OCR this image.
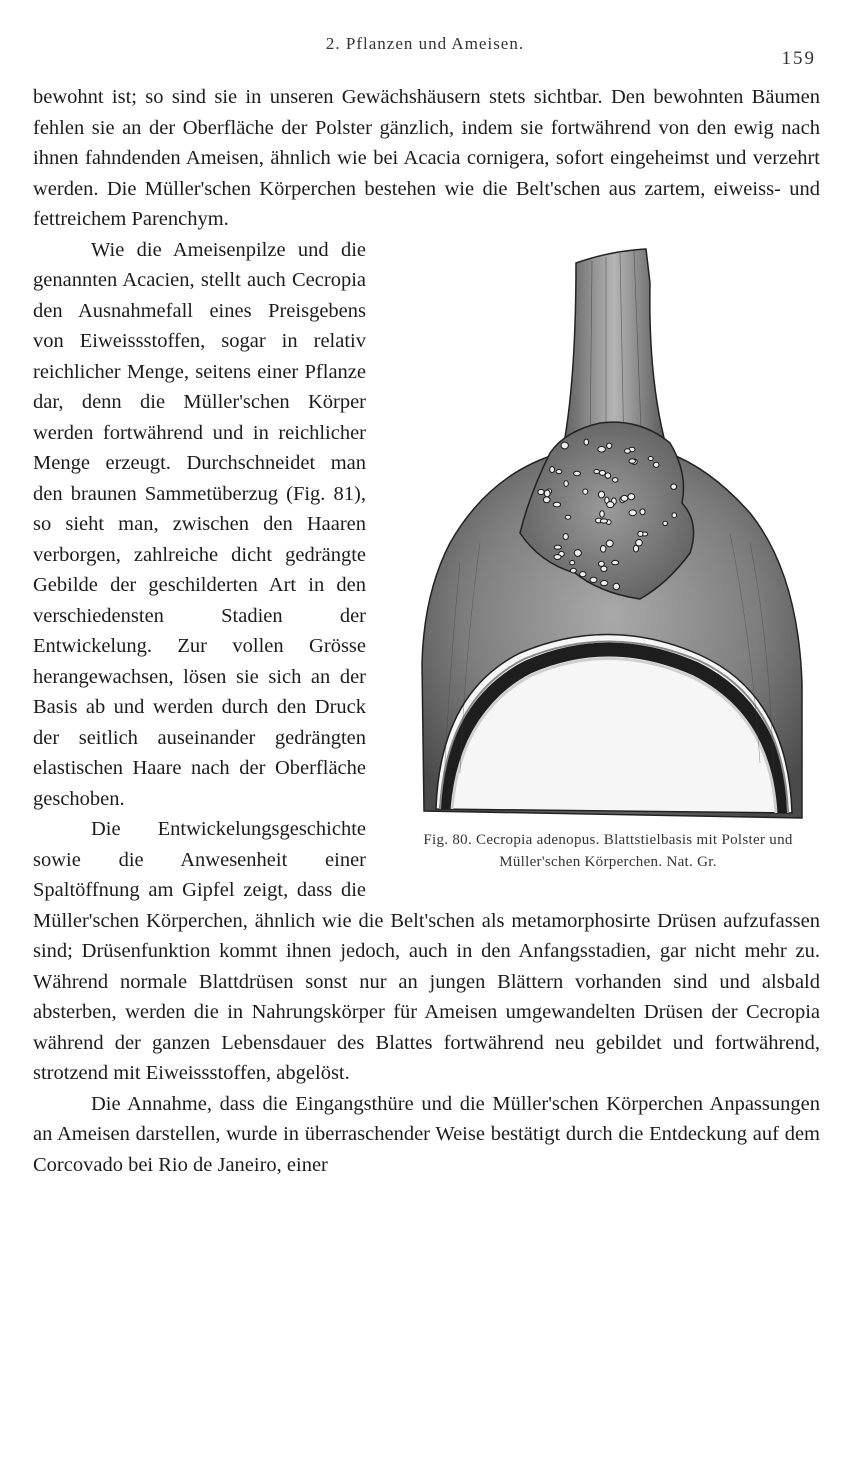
2. Pflanzen und Ameisen.
159

bewohnt ist; so sind sie in unseren Gewächshäusern stets sichtbar. Den bewohnten Bäumen fehlen sie an der Oberfläche der Polster gänzlich, indem sie fortwährend von den ewig nach ihnen fahndenden Ameisen, ähnlich wie bei Acacia cornigera, sofort eingeheimst und verzehrt werden. Die Müller'schen Körperchen bestehen wie die Belt'schen aus zartem, eiweiss- und fettreichem Parenchym.

Fig. 80. Cecropia adenopus. Blattstielbasis mit Polster und Müller'schen Körperchen. Nat. Gr.

Wie die Ameisenpilze und die genannten Acacien, stellt auch Cecropia den Ausnahmefall eines Preisgebens von Eiweissstoffen, sogar in relativ reichlicher Menge, seitens einer Pflanze dar, denn die Müller'schen Körper werden fortwährend und in reichlicher Menge erzeugt. Durchschneidet man den braunen Sammetüberzug (Fig. 81), so sieht man, zwischen den Haaren verborgen, zahlreiche dicht gedrängte Gebilde der geschilderten Art in den verschiedensten Stadien der Entwickelung. Zur vollen Grösse herangewachsen, lösen sie sich an der Basis ab und werden durch den Druck der seitlich auseinander gedrängten elastischen Haare nach der Oberfläche geschoben.

Die Entwickelungsgeschichte sowie die Anwesenheit einer Spaltöffnung am Gipfel zeigt, dass die Müller'schen Körperchen, ähnlich wie die Belt'schen als metamorphosirte Drüsen aufzufassen sind; Drüsenfunktion kommt ihnen jedoch, auch in den Anfangsstadien, gar nicht mehr zu. Während normale Blattdrüsen sonst nur an jungen Blättern vorhanden sind und alsbald absterben, werden die in Nahrungskörper für Ameisen umgewandelten Drüsen der Cecropia während der ganzen Lebensdauer des Blattes fortwährend neu gebildet und fortwährend, strotzend mit Eiweissstoffen, abgelöst.

Die Annahme, dass die Eingangsthüre und die Müller'schen Körperchen Anpassungen an Ameisen darstellen, wurde in überraschender Weise bestätigt durch die Entdeckung auf dem Corcovado bei Rio de Janeiro, einer
